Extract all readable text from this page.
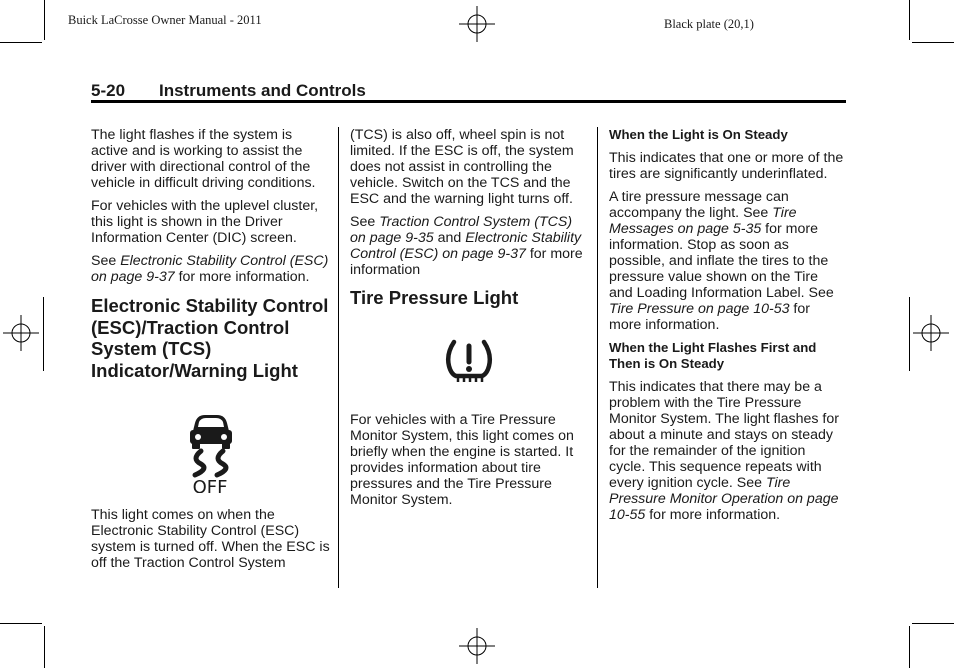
Buick LaCrosse Owner Manual - 2011	Black plate (20,1)
5-20 Instruments and Controls

The light flashes if the system is active and is working to assist the driver with directional control of the vehicle in difficult driving conditions.

For vehicles with the uplevel cluster, this light is shown in the Driver Information Center (DIC) screen.

See Electronic Stability Control (ESC) on page 9-37 for more information.

Electronic Stability Control (ESC)/Traction Control System (TCS) Indicator/Warning Light
OFF

This light comes on when the Electronic Stability Control (ESC) system is turned off. When the ESC is off the Traction Control System

(TCS) is also off, wheel spin is not limited. If the ESC is off, the system does not assist in controlling the vehicle. Switch on the TCS and the ESC and the warning light turns off.

See Traction Control System (TCS) on page 9-35 and Electronic Stability Control (ESC) on page 9-37 for more information

Tire Pressure Light

For vehicles with a Tire Pressure Monitor System, this light comes on briefly when the engine is started. It provides information about tire pressures and the Tire Pressure Monitor System.

When the Light is On Steady

This indicates that one or more of the tires are significantly underinflated.

A tire pressure message can accompany the light. See Tire Messages on page 5-35 for more information. Stop as soon as possible, and inflate the tires to the pressure value shown on the Tire and Loading Information Label. See Tire Pressure on page 10-53 for more information.

When the Light Flashes First and Then is On Steady

This indicates that there may be a problem with the Tire Pressure Monitor System. The light flashes for about a minute and stays on steady for the remainder of the ignition cycle. This sequence repeats with every ignition cycle. See Tire Pressure Monitor Operation on page 10-55 for more information.
